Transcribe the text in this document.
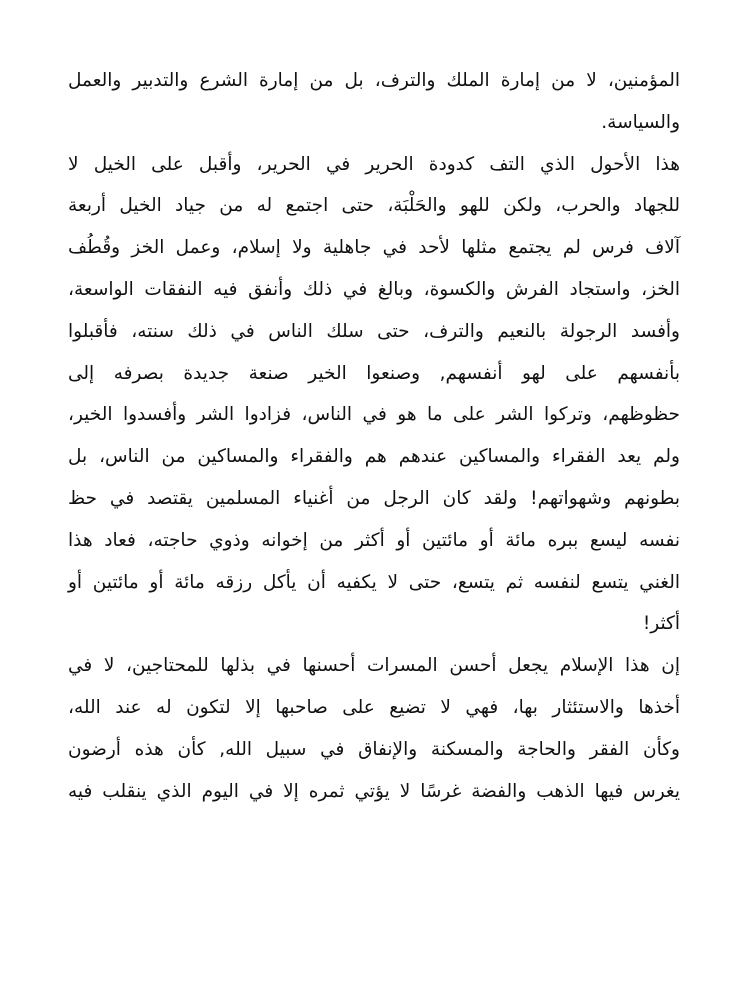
المؤمنين، لا من إمارة الملك والترف، بل من إمارة الشرع والتدبير والعمل
والسياسة.
هذا الأحول الذي التف كدودة الحرير في الحرير، وأقبل على الخيل لا
للجهاد والحرب، ولكن للهو والحَلْبَة، حتى اجتمع له من جياد الخيل أربعة
آلاف فرس لم يجتمع مثلها لأحد في جاهلية ولا إسلام، وعمل الخز وقُطُف
الخز، واستجاد الفرش والكسوة، وبالغ في ذلك وأنفق فيه النفقات الواسعة،
وأفسد الرجولة بالنعيم والترف، حتى سلك الناس في ذلك سنته، فأقبلوا
بأنفسهم على لهو أنفسهم, وصنعوا الخير صنعة جديدة بصرفه إلى
حظوظهم، وتركوا الشر على ما هو في الناس، فزادوا الشر وأفسدوا الخير،
ولم يعد الفقراء والمساكين عندهم هم والفقراء والمساكين من الناس، بل
بطونهم وشهواتهم! ولقد كان الرجل من أغنياء المسلمين يقتصد في حظ
نفسه ليسع ببره مائة أو مائتين أو أكثر من إخوانه وذوي حاجته، فعاد هذا
الغني يتسع لنفسه ثم يتسع، حتى لا يكفيه أن يأكل رزقه مائة أو مائتين أو
أكثر!
إن هذا الإسلام يجعل أحسن المسرات أحسنها في بذلها للمحتاجين، لا في
أخذها والاستئثار بها، فهي لا تضيع على صاحبها إلا لتكون له عند الله،
وكأن الفقر والحاجة والمسكنة والإنفاق في سبيل الله, كأن هذه أرضون
يغرس فيها الذهب والفضة غرسًا لا يؤتي ثمره إلا في اليوم الذي ينقلب فيه
